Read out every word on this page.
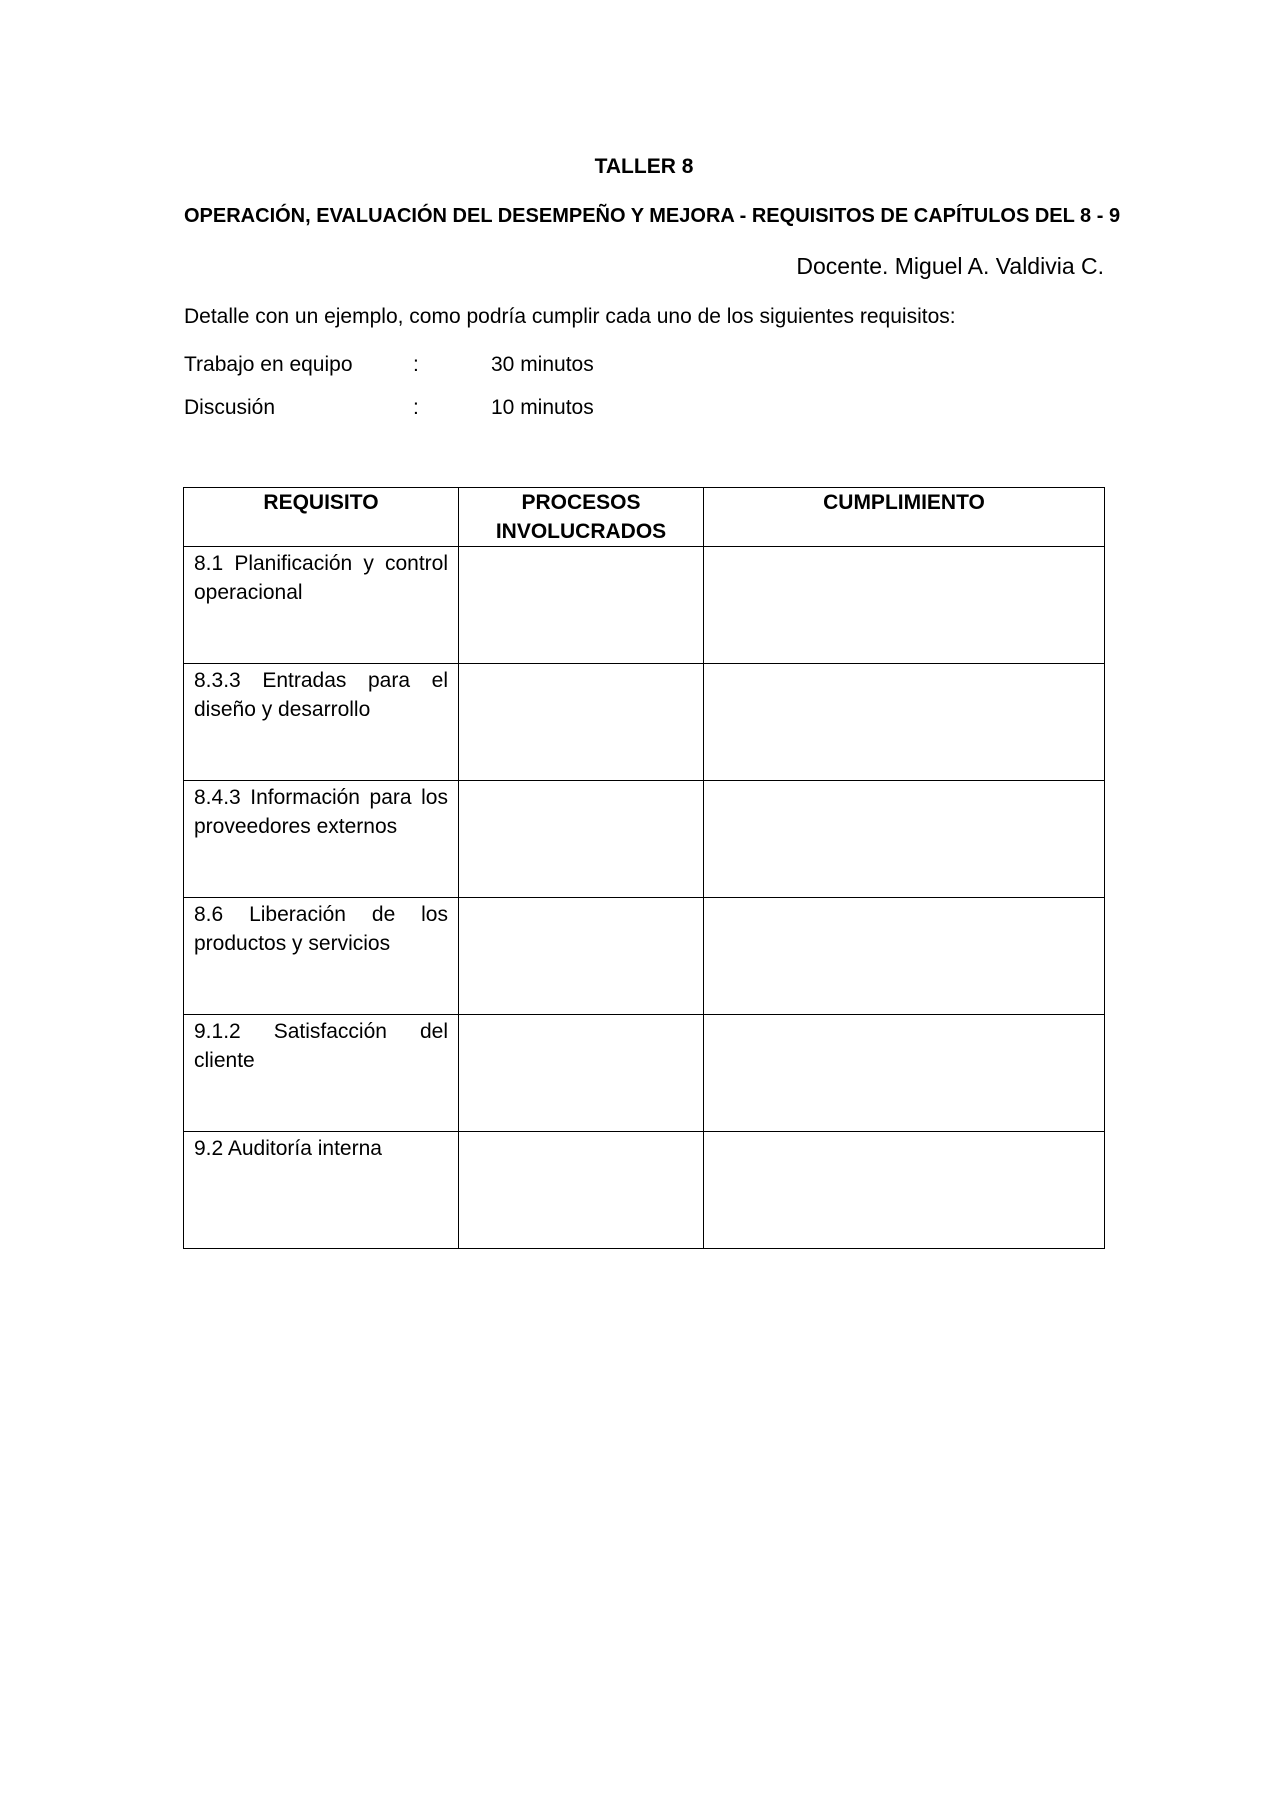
TALLER 8
OPERACIÓN, EVALUACIÓN DEL DESEMPEÑO Y MEJORA - REQUISITOS DE CAPÍTULOS DEL 8 - 9
Docente. Miguel A. Valdivia C.
Detalle con un ejemplo, como podría cumplir cada uno de los siguientes requisitos:
Trabajo en equipo	:	30 minutos
Discusión	:	10 minutos
REQUISITO	PROCESOS INVOLUCRADOS	CUMPLIMIENTO
8.1 Planificación y control operacional		
8.3.3 Entradas para el diseño y desarrollo		
8.4.3 Información para los proveedores externos		
8.6 Liberación de los productos y servicios		
9.1.2 Satisfacción del cliente		
9.2 Auditoría interna		
